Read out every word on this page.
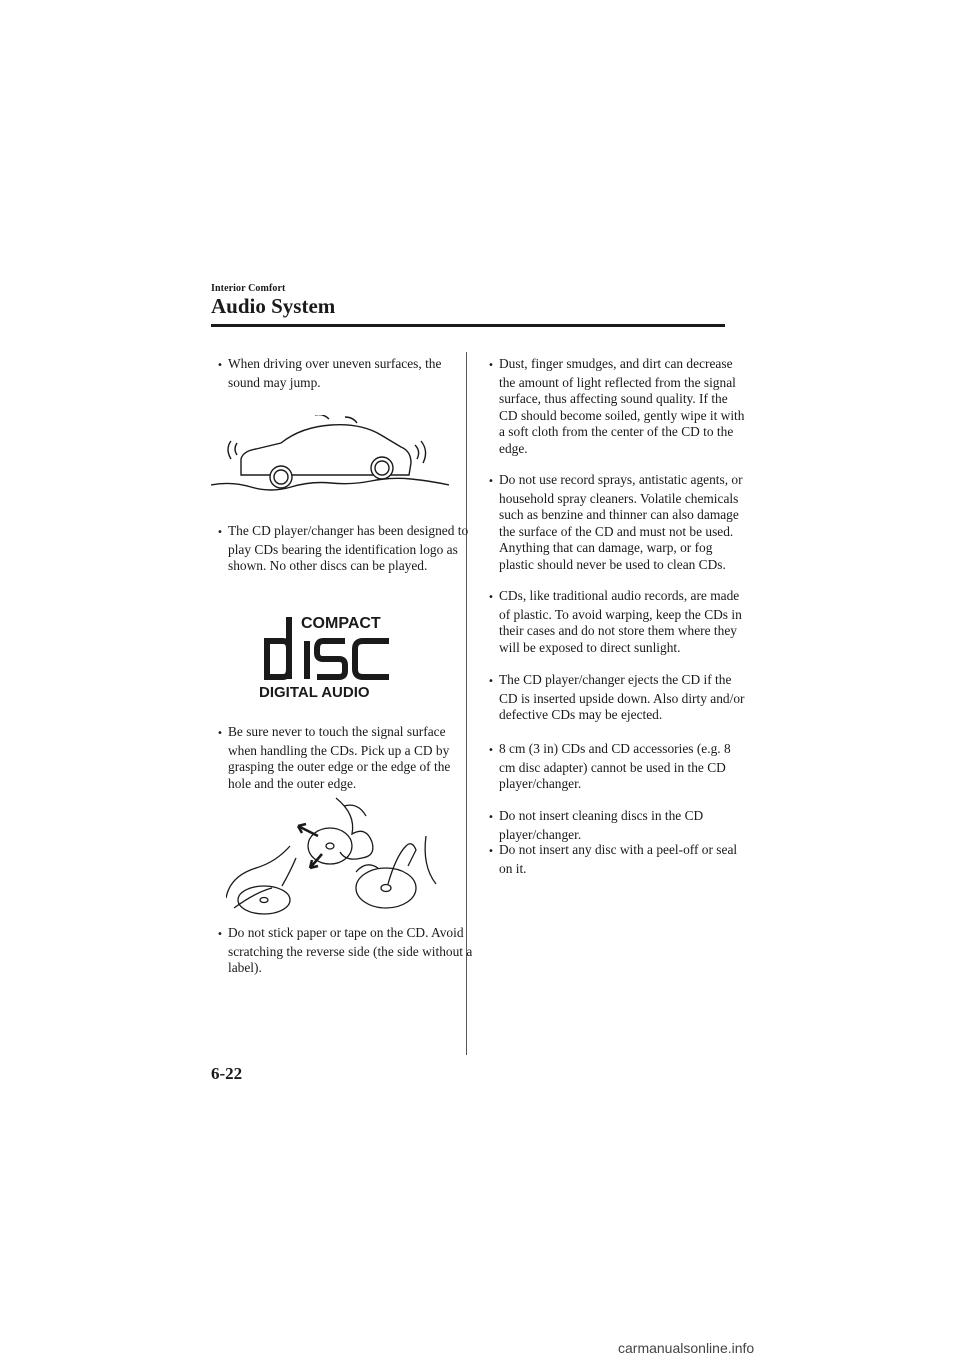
Interior Comfort
Audio System

• When driving over uneven surfaces, the sound may jump.

• The CD player/changer has been designed to play CDs bearing the identification logo as shown. No other discs can be played.

COMPACT
DIGITAL AUDIO

• Be sure never to touch the signal surface when handling the CDs. Pick up a CD by grasping the outer edge or the edge of the hole and the outer edge.

• Do not stick paper or tape on the CD. Avoid scratching the reverse side (the side without a label).

• Dust, finger smudges, and dirt can decrease the amount of light reflected from the signal surface, thus affecting sound quality. If the CD should become soiled, gently wipe it with a soft cloth from the center of the CD to the edge.

• Do not use record sprays, antistatic agents, or household spray cleaners. Volatile chemicals such as benzine and thinner can also damage the surface of the CD and must not be used. Anything that can damage, warp, or fog plastic should never be used to clean CDs.

• CDs, like traditional audio records, are made of plastic. To avoid warping, keep the CDs in their cases and do not store them where they will be exposed to direct sunlight.

• The CD player/changer ejects the CD if the CD is inserted upside down. Also dirty and/or defective CDs may be ejected.

• 8 cm (3 in) CDs and CD accessories (e.g. 8 cm disc adapter) cannot be used in the CD player/changer.

• Do not insert cleaning discs in the CD player/changer.

• Do not insert any disc with a peel-off or seal on it.

6-22
carmanualsonline.info
